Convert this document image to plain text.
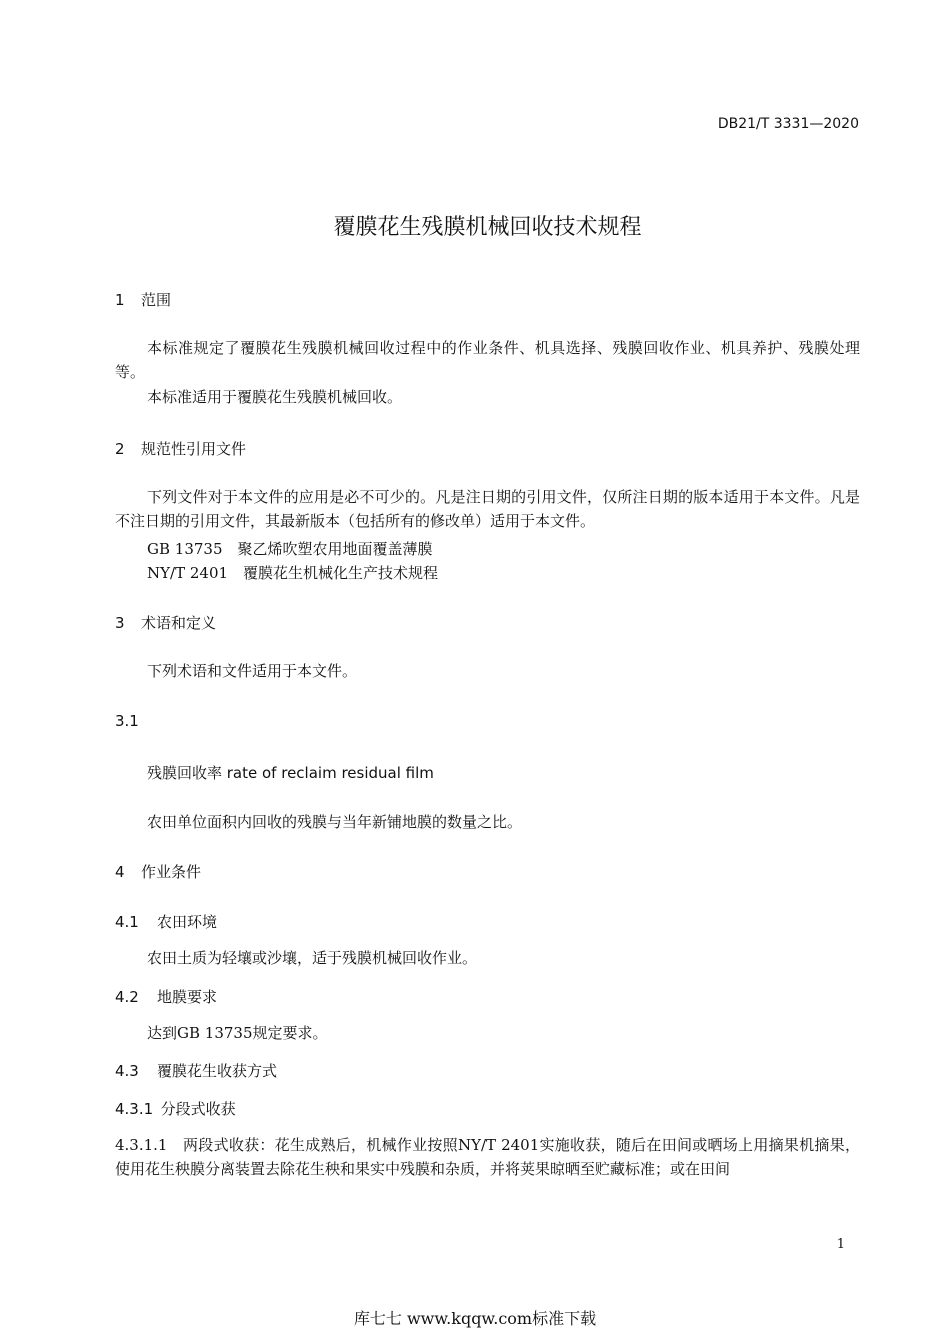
DB21/T 3331—2020
覆膜花生残膜机械回收技术规程
1 范围
本标准规定了覆膜花生残膜机械回收过程中的作业条件、机具选择、残膜回收作业、机具养护、残膜处理等。
本标准适用于覆膜花生残膜机械回收。
2 规范性引用文件
下列文件对于本文件的应用是必不可少的。凡是注日期的引用文件，仅所注日期的版本适用于本文件。凡是不注日期的引用文件，其最新版本（包括所有的修改单）适用于本文件。
GB 13735　聚乙烯吹塑农用地面覆盖薄膜
NY/T 2401　覆膜花生机械化生产技术规程
3 术语和定义
下列术语和文件适用于本文件。
3.1
残膜回收率 rate of reclaim residual film
农田单位面积内回收的残膜与当年新铺地膜的数量之比。
4 作业条件
4.1 农田环境
农田土质为轻壤或沙壤，适于残膜机械回收作业。
4.2 地膜要求
达到GB 13735规定要求。
4.3 覆膜花生收获方式
4.3.1  分段式收获
4.3.1.1　 两段式收获：花生成熟后，机械作业按照NY/T 2401实施收获，随后在田间或晒场上用摘果机摘果，使用花生秧膜分离装置去除花生秧和果实中残膜和杂质，并将荚果晾晒至贮藏标准；或在田间
1
库七七 www.kqqw.com标准下载
